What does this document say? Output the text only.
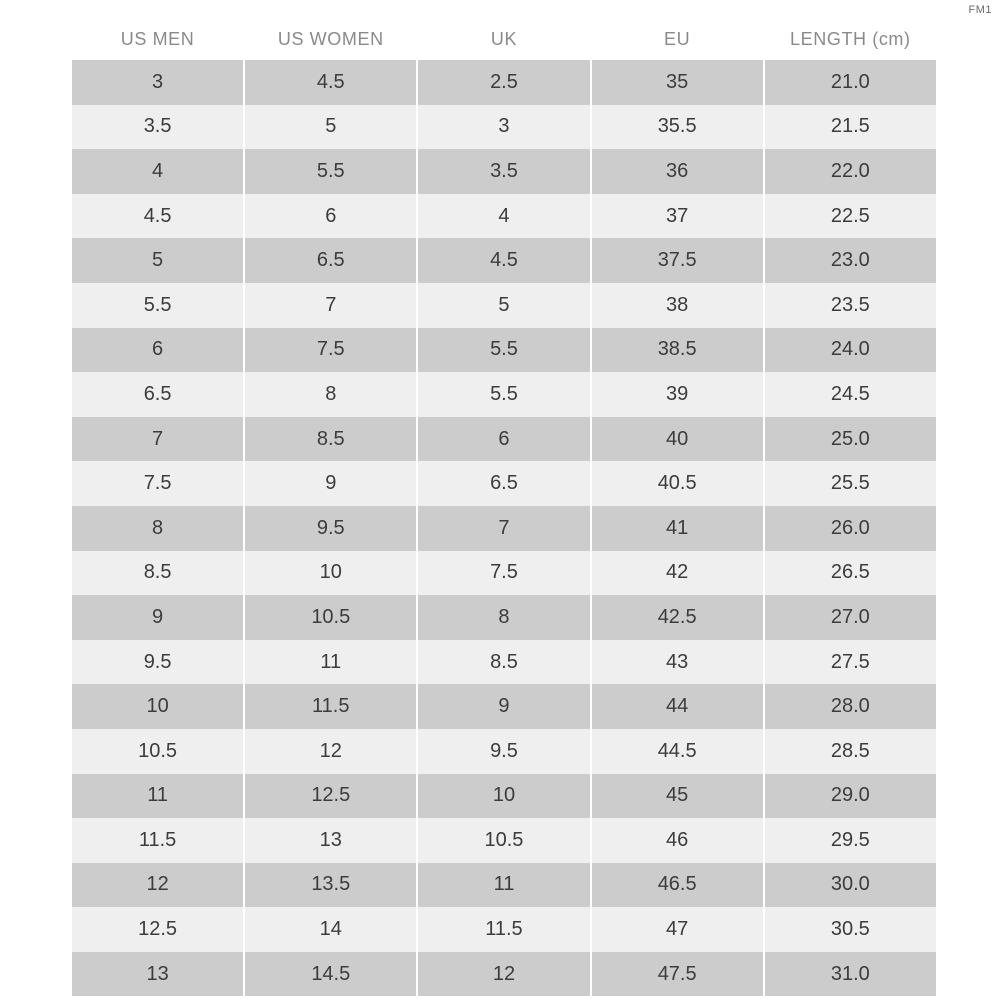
FM1
US MEN	US WOMEN	UK	EU	LENGTH (cm)
3	4.5	2.5	35	21.0
3.5	5	3	35.5	21.5
4	5.5	3.5	36	22.0
4.5	6	4	37	22.5
5	6.5	4.5	37.5	23.0
5.5	7	5	38	23.5
6	7.5	5.5	38.5	24.0
6.5	8	5.5	39	24.5
7	8.5	6	40	25.0
7.5	9	6.5	40.5	25.5
8	9.5	7	41	26.0
8.5	10	7.5	42	26.5
9	10.5	8	42.5	27.0
9.5	11	8.5	43	27.5
10	11.5	9	44	28.0
10.5	12	9.5	44.5	28.5
11	12.5	10	45	29.0
11.5	13	10.5	46	29.5
12	13.5	11	46.5	30.0
12.5	14	11.5	47	30.5
13	14.5	12	47.5	31.0
